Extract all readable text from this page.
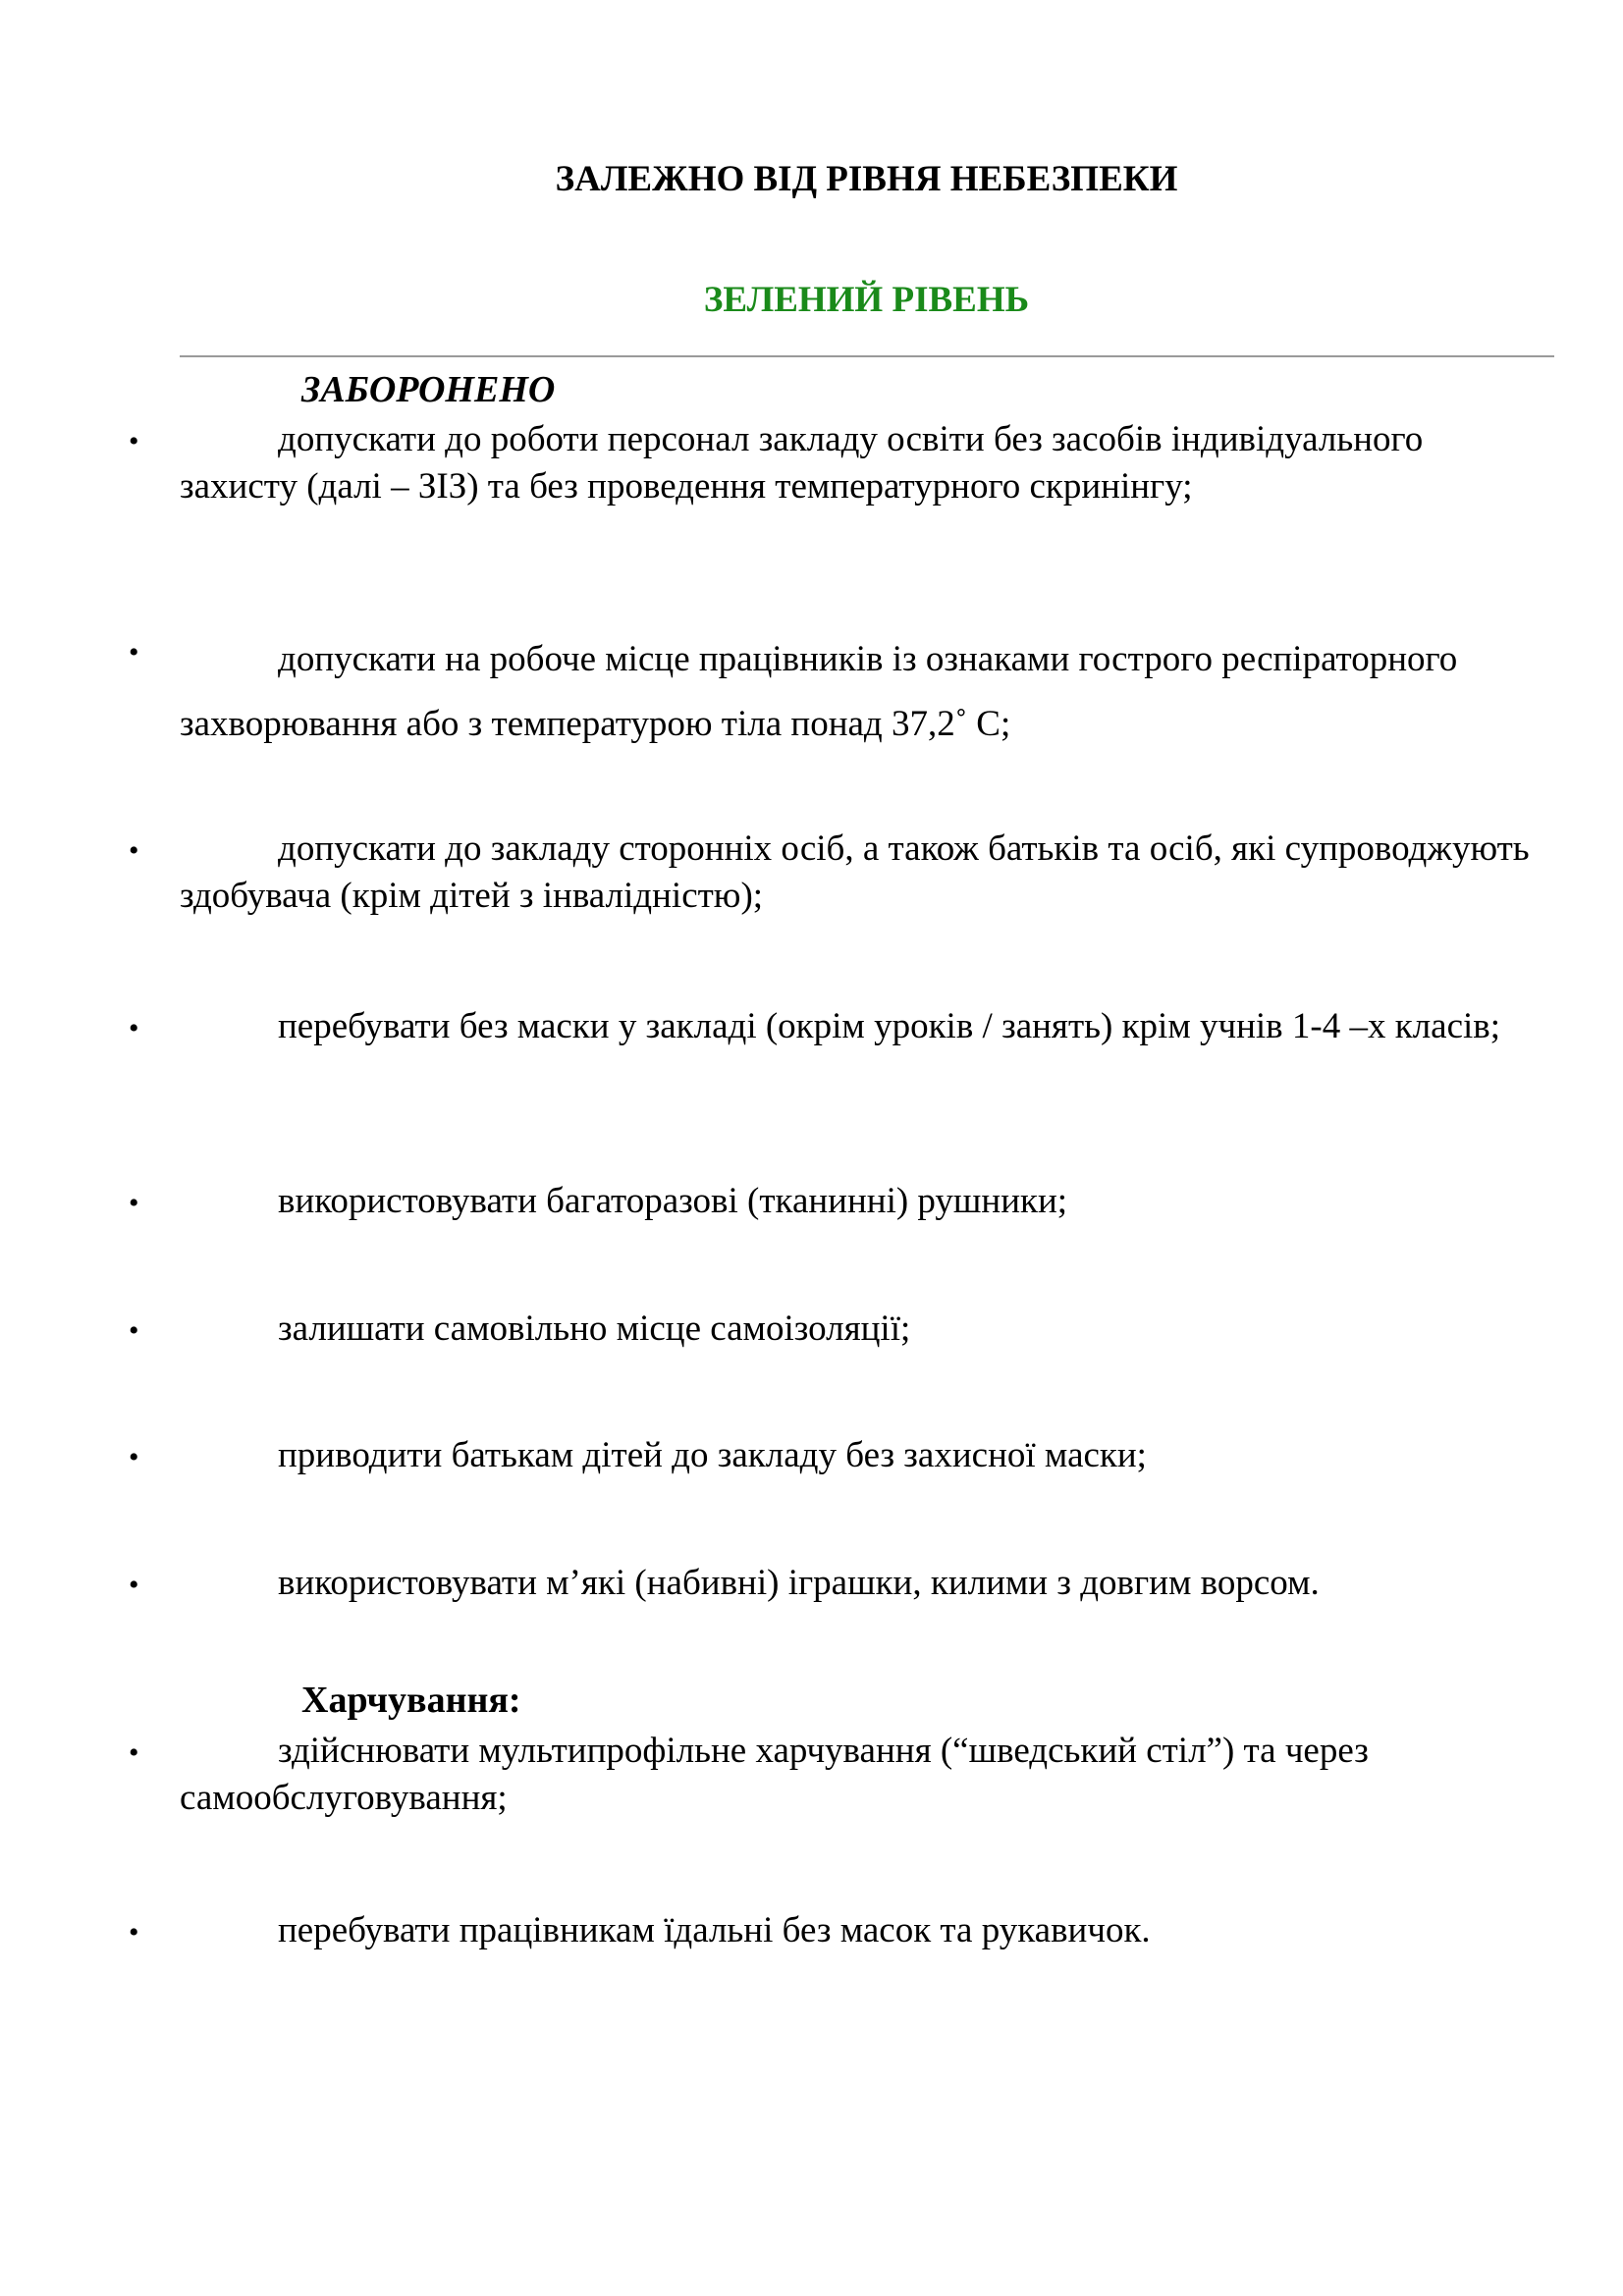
ЗАЛЕЖНО ВІД РІВНЯ НЕБЕЗПЕКИ
ЗЕЛЕНИЙ РІВЕНЬ
ЗАБОРОНЕНО
•	допускати до роботи персонал закладу освіти без засобів індивідуального захисту (далі – ЗІЗ) та без проведення температурного скринінгу;
•	допускати на робоче місце працівників із ознаками гострого респіраторного захворювання або з температурою тіла понад 37,2˚ С;
•	допускати до закладу сторонніх осіб, а також батьків та осіб, які супроводжують здобувача (крім дітей з інвалідністю);
•	перебувати без маски у закладі (окрім уроків / занять) крім учнів 1-4 –х класів;
•	використовувати багаторазові (тканинні) рушники;
•	залишати самовільно місце самоізоляції;
•	приводити батькам дітей до закладу без захисної маски;
•	використовувати м’які (набивні) іграшки, килими з довгим ворсом.
Харчування:
•	здійснювати мультипрофільне харчування (“шведський стіл”) та через самообслуговування;
•	перебувати працівникам їдальні без масок та рукавичок.
